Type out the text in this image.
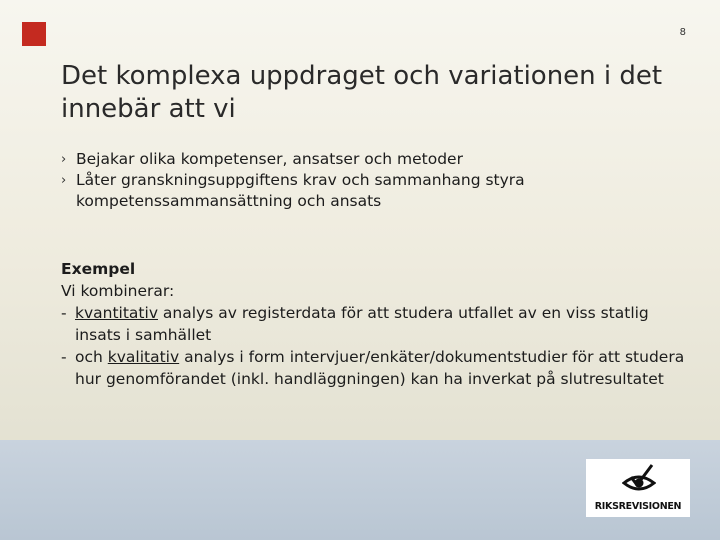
8
Det komplexa uppdraget och variationen i det innebär att vi
› Bejakar olika kompetenser, ansatser och metoder
› Låter granskningsuppgiftens krav och sammanhang styra kompetenssammansättning och ansats
Exempel
Vi kombinerar:
- kvantitativ analys av registerdata för att studera utfallet av en viss statlig insats i samhället
- och kvalitativ analys i form intervjuer/enkäter/dokumentstudier för att studera hur genomförandet (inkl. handläggningen) kan ha inverkat på slutresultatet
RIKSREVISIONEN
